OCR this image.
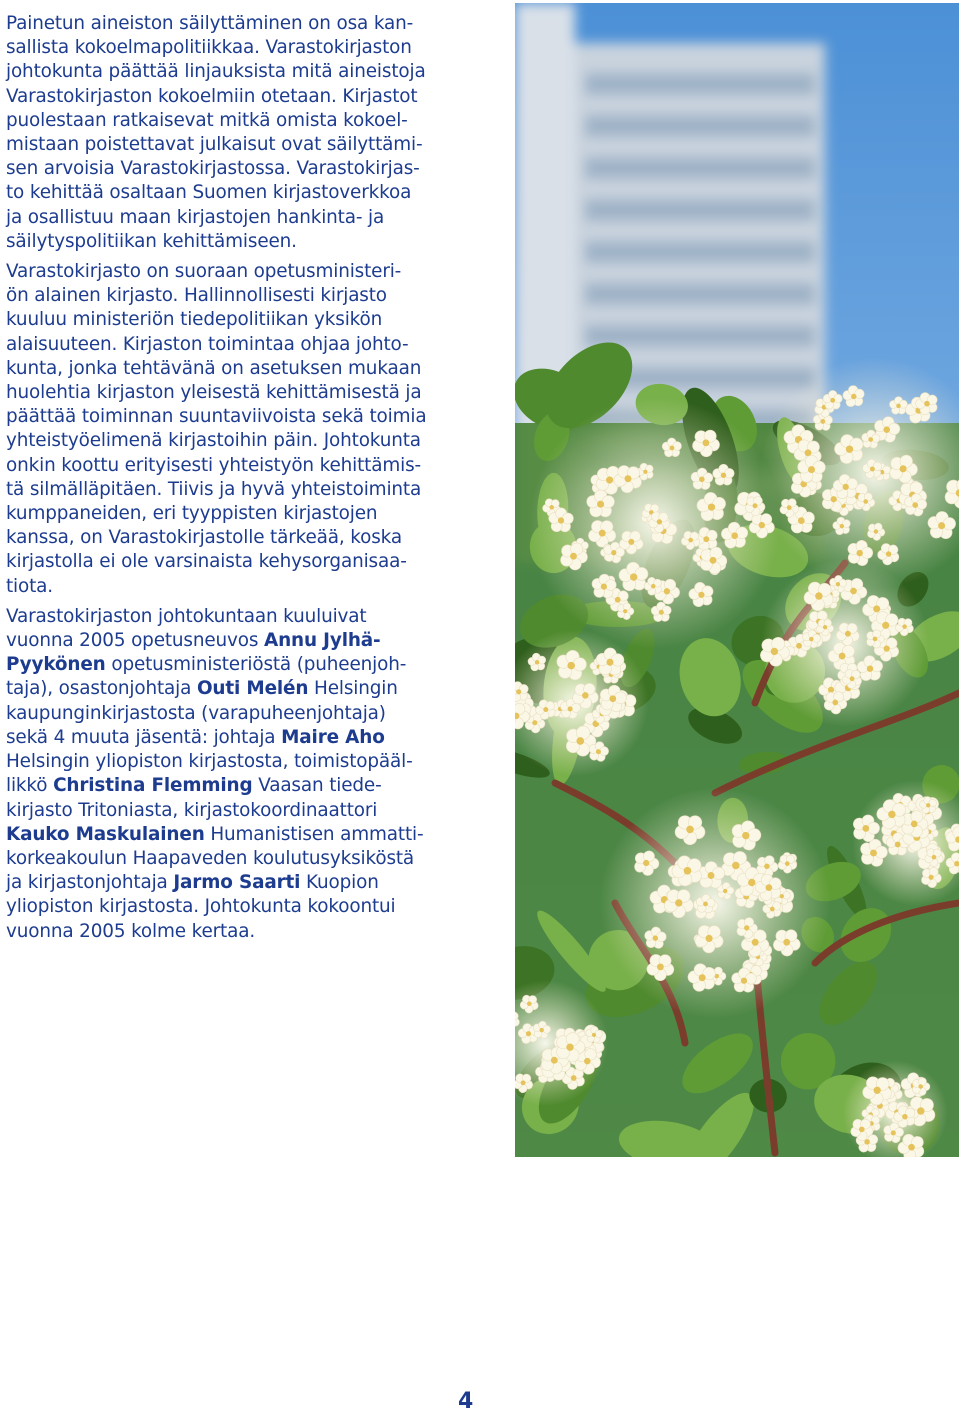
Painetun aineiston säilyttäminen on osa kan-
sallista kokoelmapolitiikkaa. Varastokirjaston
johtokunta päättää linjauksista mitä aineistoja
Varastokirjaston kokoelmiin otetaan. Kirjastot
puolestaan ratkaisevat mitkä omista kokoel-
mistaan poistettavat julkaisut ovat säilyttämi-
sen arvoisia Varastokirjastossa. Varastokirjas-
to kehittää osaltaan Suomen kirjastoverkkoa
ja osallistuu maan kirjastojen hankinta- ja
säilytyspolitiikan kehittämiseen.
Varastokirjasto on suoraan opetusministeri-
ön alainen kirjasto. Hallinnollisesti kirjasto
kuuluu ministeriön tiedepolitiikan yksikön
alaisuuteen. Kirjaston toimintaa ohjaa johto-
kunta, jonka tehtävänä on asetuksen mukaan
huolehtia kirjaston yleisestä kehittämisestä ja
päättää toiminnan suuntaviivoista sekä toimia
yhteistyöelimenä kirjastoihin päin. Johtokunta
onkin koottu erityisesti yhteistyön kehittämis-
tä silmälläpitäen. Tiivis ja hyvä yhteistoiminta
kumppaneiden, eri tyyppisten kirjastojen
kanssa, on Varastokirjastolle tärkeää, koska
kirjastolla ei ole varsinaista kehysorganisaa-
tiota.
Varastokirjaston johtokuntaan kuuluivat
vuonna 2005 opetusneuvos Annu Jylhä-
Pyykönen opetusministeriöstä (puheenjoh-
taja), osastonjohtaja Outi Melén Helsingin
kaupunginkirjastosta (varapuheenjohtaja)
sekä 4 muuta jäsentä: johtaja Maire Aho
Helsingin yliopiston kirjastosta, toimistopääl-
likkö Christina Flemming Vaasan tiede-
kirjasto Tritoniasta, kirjastokoordinaattori
Kauko Maskulainen Humanistisen ammatti-
korkeakoulun Haapaveden koulutusyksiköstä
ja kirjastonjohtaja Jarmo Saarti Kuopion
yliopiston kirjastosta. Johtokunta kokoontui
vuonna 2005 kolme kertaa.
4
